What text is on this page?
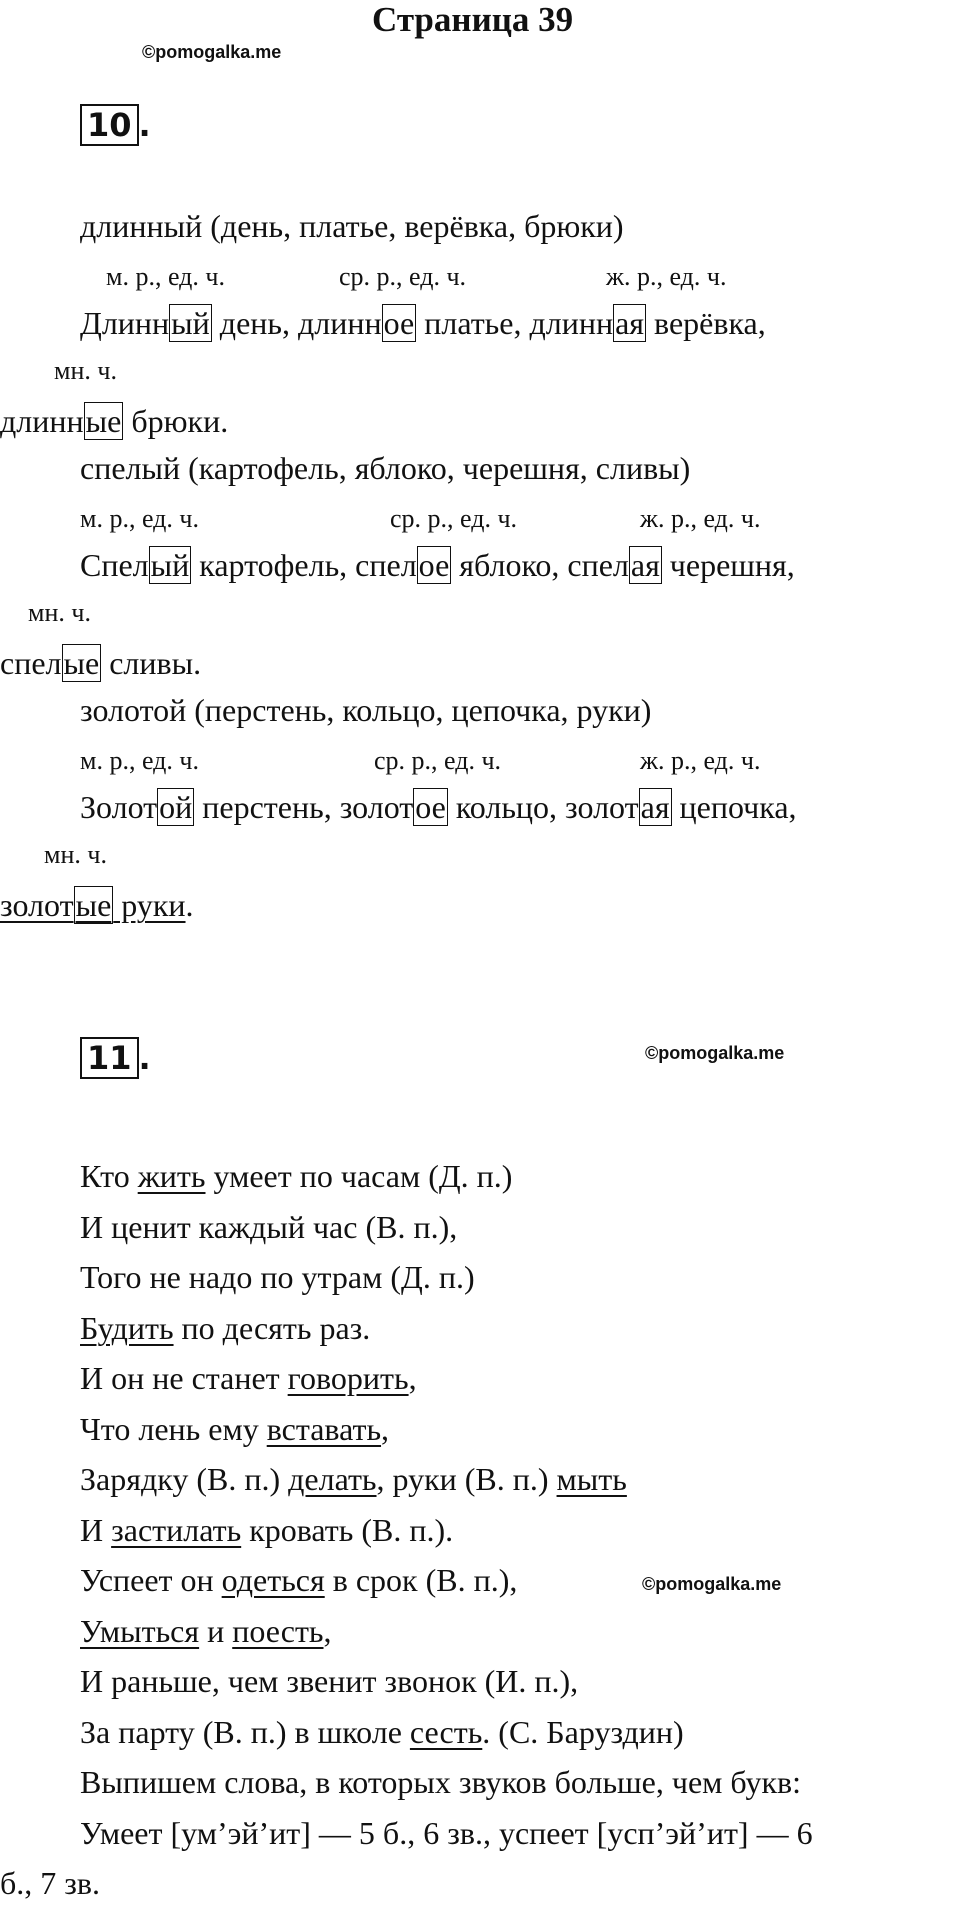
Страница 39
©pomogalka.me
10 .
длинный (день, платье, верёвка, брюки)
м. р., ед. ч.	ср. р., ед. ч.	ж. р., ед. ч.
Длинный день, длинное платье, длинная верёвка,
мн. ч.
длинные брюки.
спелый (картофель, яблоко, черешня, сливы)
м. р., ед. ч.	ср. р., ед. ч.	ж. р., ед. ч.
Спелый картофель, спелое яблоко, спелая черешня,
мн. ч.
спелые сливы.
золотой (перстень, кольцо, цепочка, руки)
м. р., ед. ч.	ср. р., ед. ч.	ж. р., ед. ч.
Золотой перстень, золотое кольцо, золотая цепочка,
мн. ч.
золотые руки.
11 .	©pomogalka.me
Кто жить умеет по часам (Д. п.)
И ценит каждый час (В. п.),
Того не надо по утрам (Д. п.)
Будить по десять раз.
И он не станет говорить,
Что лень ему вставать,
Зарядку (В. п.) делать, руки (В. п.) мыть
И застилать кровать (В. п.).
Успеет он одеться в срок (В. п.),
Умыться и поесть,
И раньше, чем звенит звонок (И. п.),
За парту (В. п.) в школе сесть. (С. Баруздин)
Выпишем слова, в которых звуков больше, чем букв:
Умеет [ум’эй’ит] — 5 б., 6 зв., успеет [усп’эй’ит] — 6
б., 7 зв.
©pomogalka.me
